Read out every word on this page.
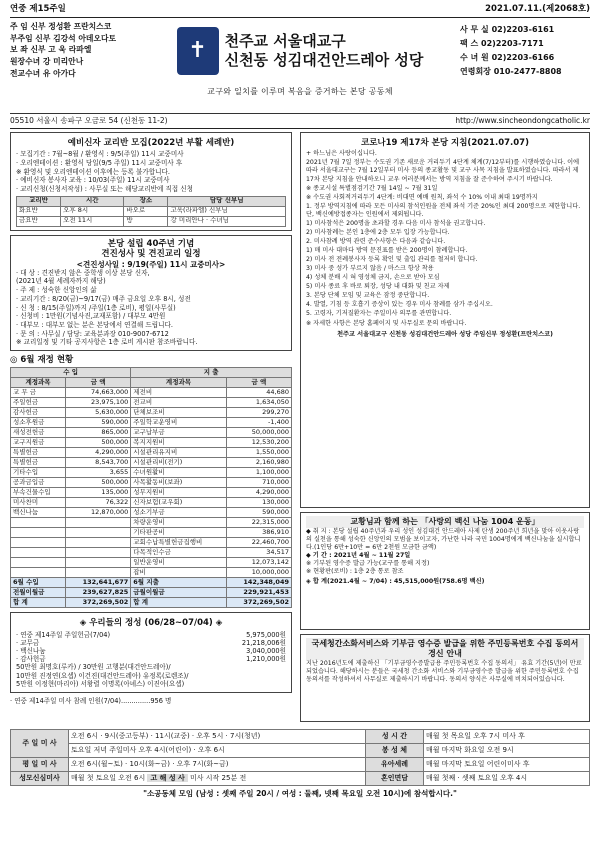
연중 제15주일	2021.07.11.(제2068호)
주 임 신부 정성환 프란치스코
부주임 신부 김강석 아데오다토
보 좌 신부 고 욱 라파엘
원장수녀 강 미리안나
전교수녀 유 아가다
✝	천주교 서울대교구
신천동 성김대건안드레아 성당
교구와 일치를 이루며 복음을 증거하는 본당 공동체
사 무 실 02)2203-6161
팩 스 02)2203-7171
수 녀 원 02)2203-6166
연령회장 010-2477-8808
05510 서울시 송파구 오금로 54 (신천동 11-2)	http://www.sincheondongcatholic.kr
예비신자 교리반 모집(2022년 부활 세례반)
· 모집기간 : 7월~8월 / 환영식 : 9/5(주일) 11시 교중미사
· 오리엔테이션 : 환영식 당일(9/5 주일) 11시 교중미사 후
※ 환영식 및 오리엔테이션 이후에는 등록 불가합니다.
· 예비신자 봉사자 교육 : 10/03(주일) 11시 교중미사
· 교리신청(신청서작성) : 사무실 또는 해당교리반에 직접 신청
교리반	시간	장소	담당 신부님
화요반	오후 8시	바오로	고욱(라파엘) 신부님
금요반	오전 11시	방	강 미리안나 · 수녀님
본당 설립 40주년 기념
견진성사 및 견진교리 일정
<견진성사일 : 9/19(주일) 11시 교중미사>
· 대 상 : 견진받지 않은 중학생 이상 본당 신자,
(2021년 4월 세례자까지 해당)
· 주 제 : 성숙한 신앙인의 삶
· 교리기간 : 8/20(금)~9/17(금) 매주 금요일 오후 8시, 성전
· 신 청 : 8/15(주일)까지 /주일(1층 로비), 평일(사무실)
· 신청비 : 1만원(기념사진,교재포함) / 대부모 4만원
· 대부모 : 대부모 없는 분은 본당에서 연결해 드립니다.
· 문 의 : 사무실 / 담당: 교육분과장 010-9007-6712
※ 교리일정 및 기타 공지사항은 1층 로비 게시판 참조바랍니다.
◎ 6월 재정 현황
수 입		지 출	
계정과목	금 액	계정과목	금 액
교 무 금	74,663,000	제전비	44,680
주일헌금	23,975,100	전교비	1,634,050
감사헌금	5,630,000	단체보조비	299,270
성소후원금	590,000	주일학교운영비	-1,400
새성전헌금	865,000	교구납부금	50,000,000
교구지원금	500,000	복지지원비	12,530,200
특별헌금	4,290,000	시설관리유지비	1,550,000
특별헌금	8,543,700	시설관리비(전기)	2,160,980
기타수입	3,655	수녀원활비	1,100,000
공과금입금	500,000	사목활동비(보좌)	710,000
부속건물수입	135,000	성무지원비	4,290,000
미사찬미	76,322	신자보험(교우회)	130,000
백신나눔	12,870,000	성소기부금	590,000
		차량운영비	22,315,000
		기타판공비	386,910
		교회수납특별헌금집행비	22,460,700
		다목적인수금	34,517
		일반운영비	12,073,142
		잡비	10,000,000
6월 수입	132,641,677	6월 지출	142,348,049
전월이월금	239,627,825	금월이월금	229,921,453
합 계	372,269,502	합 계	372,269,502
◈ 우리들의 정성 (06/28~07/04) ◈
· 연중 제14주일 주일헌금(7/04)	5,975,000원
· 교무금	21,218,006원
· 백신나눔	3,040,000원
· 감사헌금	1,210,000원
50만원 최명호(루카) / 30만원 고행분(대건안드레아)/
10만원 진정연(요셉) 이건진(대건안드레아) 유정록(로렌조)/
5만원 이정현(마리아) 서왕렬 이명록(아녜스) 이진아(요셉)
· 연중 제14주일 미사 참례 인원(7/04)..............956 명
코로나19 제17차 본당 지침(2021.07.07)
+ 하느님은 사랑이십니다.
2021년 7월 7일 정부는 수도권 기존 새로운 거리두기 4단계 체계(7/12부터)를 시행하였습니다. 이에 따라 서울대교구는 7월 12일부터 미사 등의 종교활동 및 교구 사목 지침을 발표하였습니다. 따라서 제17차 본당 지침을 안내하오니 교우 여러분께서는 방역 지침을 잘 준수하여 주시기 바랍니다.
※ 종교시설 특별점검기간 7월 14일 ~ 7월 31일
※ 수도권 사회적거리두기 4단계: 비대면 예배 원칙, 좌석 수 10% 이내 최대 19명까지
1. 정부 방역지침에 따라 모든 미사의 참석인원을 전체 좌석 기준 20%인 최대 200명으로 제한합니다. 단, 백신예방접종자는 인원에서 제외됩니다.
1) 미사참석은 200명을 초과할 경우 다음 미사 참석을 권고합니다.
2) 미사참례는 본인 1층에 2층 모두 입장 가능합니다.
2. 미사참례 방역 관련 준수사항은 다음과 같습니다.
1) 매 미사 대마다 방역 문진표를 받은 200명이 참례합니다.
2) 미사 전 전례봉사자 등록 확인 및 출입 관리를 철저히 합니다.
3) 미사 중 성가 부르지 않음 / 마스크 항상 착용
4) 성체 분배 시 혀 영성체 금지, 손으로 받아 모심
5) 미사 종료 후 바로 퇴장, 성당 내 대화 및 친교 자제
3. 본당 단체 모임 및 교육은 잠정 중단합니다.
4. 발열, 기침 등 호흡기 증상이 있는 경우 미사 참례를 삼가 주십시오.
5. 고령자, 기저질환자는 주일미사 의무를 관면합니다.
※ 자세한 사항은 본당 홈페이지 및 사무실로 문의 바랍니다.
천주교 서울대교구 신천동 성김대건안드레아 성당 주임신부 정성환(프란치스코)
교황님과 함께 하는 「사랑의 백신 나눔 1004 운동」
◆ 취 지 : 본당 설립 40주년과 우리 성인 성김대건 안드레아 사제 탄생 200주년 희년을 맞아 이웃사랑의 실천을 통해 성숙한 신앙인의 모범을 보이고자, 가난한 나라 국민 1004명에게 백신나눔을 실시합니다.(1인당 6만+10만 = 6만 2천원 모금한 금액)
◆ 기 간 : 2021년 4월 ~ 11월 27일
※ 기부된 영수증 발급 가능(교구를 통해 지정)
※ 현황판(로비) : 1층 2층 통로 참조
◈ 합 계(2021.4월 ~ 7/04) : 45,515,000원(758.6명 백신)
국세청간소화서비스와 기부금 영수증 발급을 위한 주민등록번호 수집 동의서 경신 안내
지난 2016년도에 제출하신 「기부금영수증발급용 주민등록번호 수집 동의서」 유효 기간(5년)이 만료되었습니다. 해당하시는 분들은 국세청 간소화 서비스와 기부금영수증 발급을 위한 주민등록번호 수집동의서를 작성하셔서 사무실로 제출하시기 바랍니다. 동의서 양식은 사무실에 비치되어있습니다.
주 일 미 사	오전 6시 · 9시(중고등부) · 11시(교중) · 오후 5시 · 7시(청년)	성 시 간	매월 첫 목요일 오후 7시 미사 후
	토요일 저녁 주일미사 오후 4시(어린이) · 오후 6시	봉 성 체	매월 마지막 화요일 오전 9시
평 일 미 사	오전 6시(월~토) · 10시(화~금) · 오후 7시(화~금)	유아세례	매월 마지막 토요일 어린이미사 후
성모신심미사	매월 첫 토요일 오전 6시 고 해 성 사 미사 시작 25분 전	혼인면담	매월 첫째 · 셋째 토요일 오후 4시
"소공동체 모임 (남성 : 셋째 주일 20시 / 여성 : 둘째, 넷째 목요일 오전 10시)에 참석합시다."
